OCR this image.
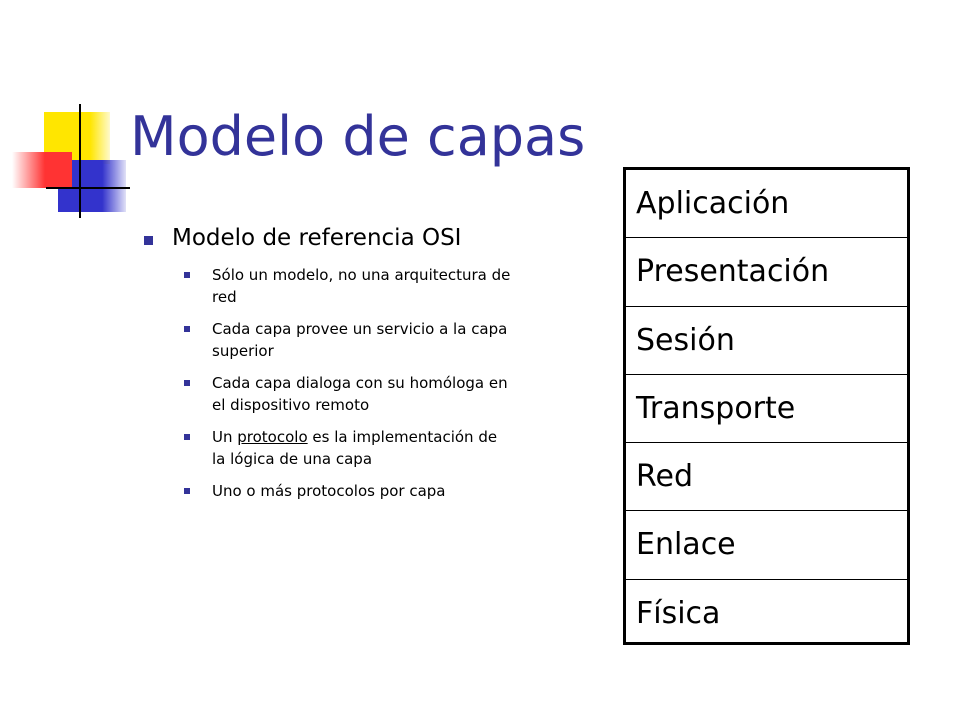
Modelo de capas
Modelo de referencia OSI
Sólo un modelo, no una arquitectura de red
Cada capa provee un servicio a la capa superior
Cada capa dialoga con su homóloga en el dispositivo remoto
Un protocolo es la implementación de la lógica de una capa
Uno o más protocolos por capa
Aplicación
Presentación
Sesión
Transporte
Red
Enlace
Física
